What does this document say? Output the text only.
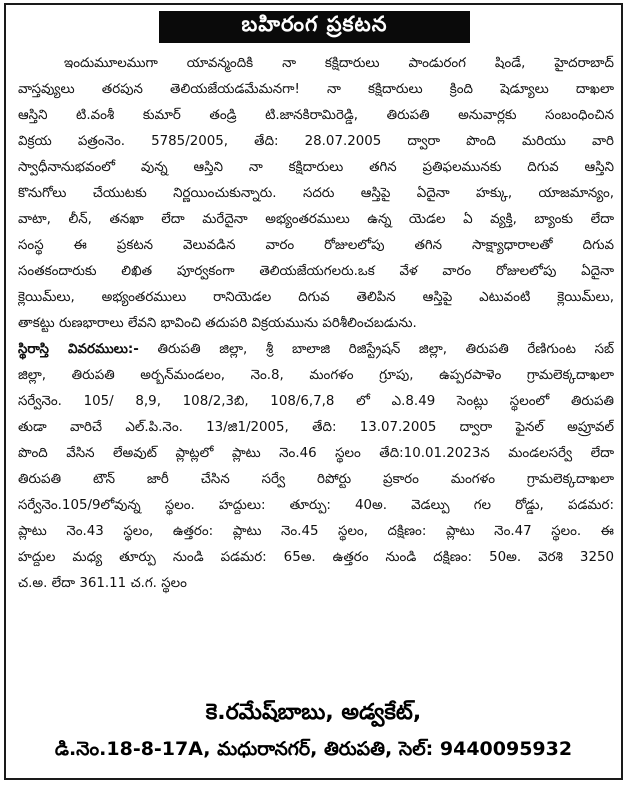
బహిరంగ ప్రకటన
ఇందుమూలముగా యావన్మందికి నా కక్షిదారులు పాండురంగ షిండే, హైదరాబాద్
వాస్తవ్యులు తరపున తెలియజేయడమేమనగా! నా కక్షిదారులు క్రింది షెడ్యూలు దాఖలా
ఆస్తిని టి.వంశీ కుమార్ తండ్రి టి.జానకిరామిరెడ్డి, తిరుపతి అనువార్లకు సంబంధించిన
విక్రయ పత్రంనెం. 5785/2005, తేది: 28.07.2005 ద్వారా పొంది మరియు వారి
స్వాధీనానుభవంలో వున్న ఆస్తిని నా కక్షిదారులు తగిన ప్రతిఫలమునకు దిగువ ఆస్తిని
కొనుగోలు చేయుటకు నిర్ణయించుకున్నారు. సదరు ఆస్తిపై ఏదైనా హక్కు, యాజమాన్యం,
వాటా, లీన్, తనఖా లేదా మరేదైనా అభ్యంతరములు ఉన్న యెడల ఏ వ్యక్తి, బ్యాంకు లేదా
సంస్థ ఈ ప్రకటన వెలువడిన వారం రోజులలోపు తగిన సాక్ష్యాధారాలతో దిగువ
సంతకందారుకు లిఖిత పూర్వకంగా తెలియజేయగలరు.ఒక వేళ వారం రోజులలోపు ఏదైనా
క్లెయిమ్‌లు, అభ్యంతరములు రానియెడల దిగువ తెలిపిన ఆస్తిపై ఎటువంటి క్లెయిమ్‌లు,
తాకట్టు రుణభారాలు లేవని భావించి తదుపరి విక్రయమును పరిశీలించబడును.
స్థిరాస్తి వివరములు:- తిరుపతి జిల్లా, శ్రీ బాలాజి రిజిస్ట్రేషన్ జిల్లా, తిరుపతి రేణిగుంట సబ్
జిల్లా, తిరుపతి అర్బన్‌మండలం, నెం.8, మంగళం గ్రూపు, ఉప్పరపాళెం గ్రామలెక్కదాఖలా
సర్వేనెం. 105/ 8,9, 108/2,3బి, 108/6,7,8 లో ఎ.8.49 సెంట్లు స్థలంలో తిరుపతి
తుడా వారిచే ఎల్.పి.నెం. 13/జి1/2005, తేది: 13.07.2005 ద్వారా ఫైనల్ అప్రూవల్
పొంది వేసిన లేఅవుట్ ప్లాట్లలో ప్లాటు నెం.46 స్థలం తేది:10.01.2023న మండలసర్వే లేదా
తిరుపతి టౌన్ జారీ చేసిన సర్వే రిపోర్టు ప్రకారం మంగళం గ్రామలెక్కదాఖలా
సర్వేనెం.105/9లోవున్న స్థలం. హద్దులు: తూర్పు: 40అ. వెడల్పు గల రోడ్డు, పడమర:
ప్లాటు నెం.43 స్థలం, ఉత్తరం: ప్లాటు నెం.45 స్థలం, దక్షిణం: ప్లాటు నెం.47 స్థలం. ఈ
హద్దుల మధ్య తూర్పు నుండి పడమర: 65అ. ఉత్తరం నుండి దక్షిణం: 50అ. వెరశి 3250
చ.అ. లేదా 361.11 చ.గ. స్థలం
కె.రమేష్‌బాబు, అడ్వకేట్,
డి.నెం.18-8-17A, మధురానగర్, తిరుపతి, సెల్: 9440095932
